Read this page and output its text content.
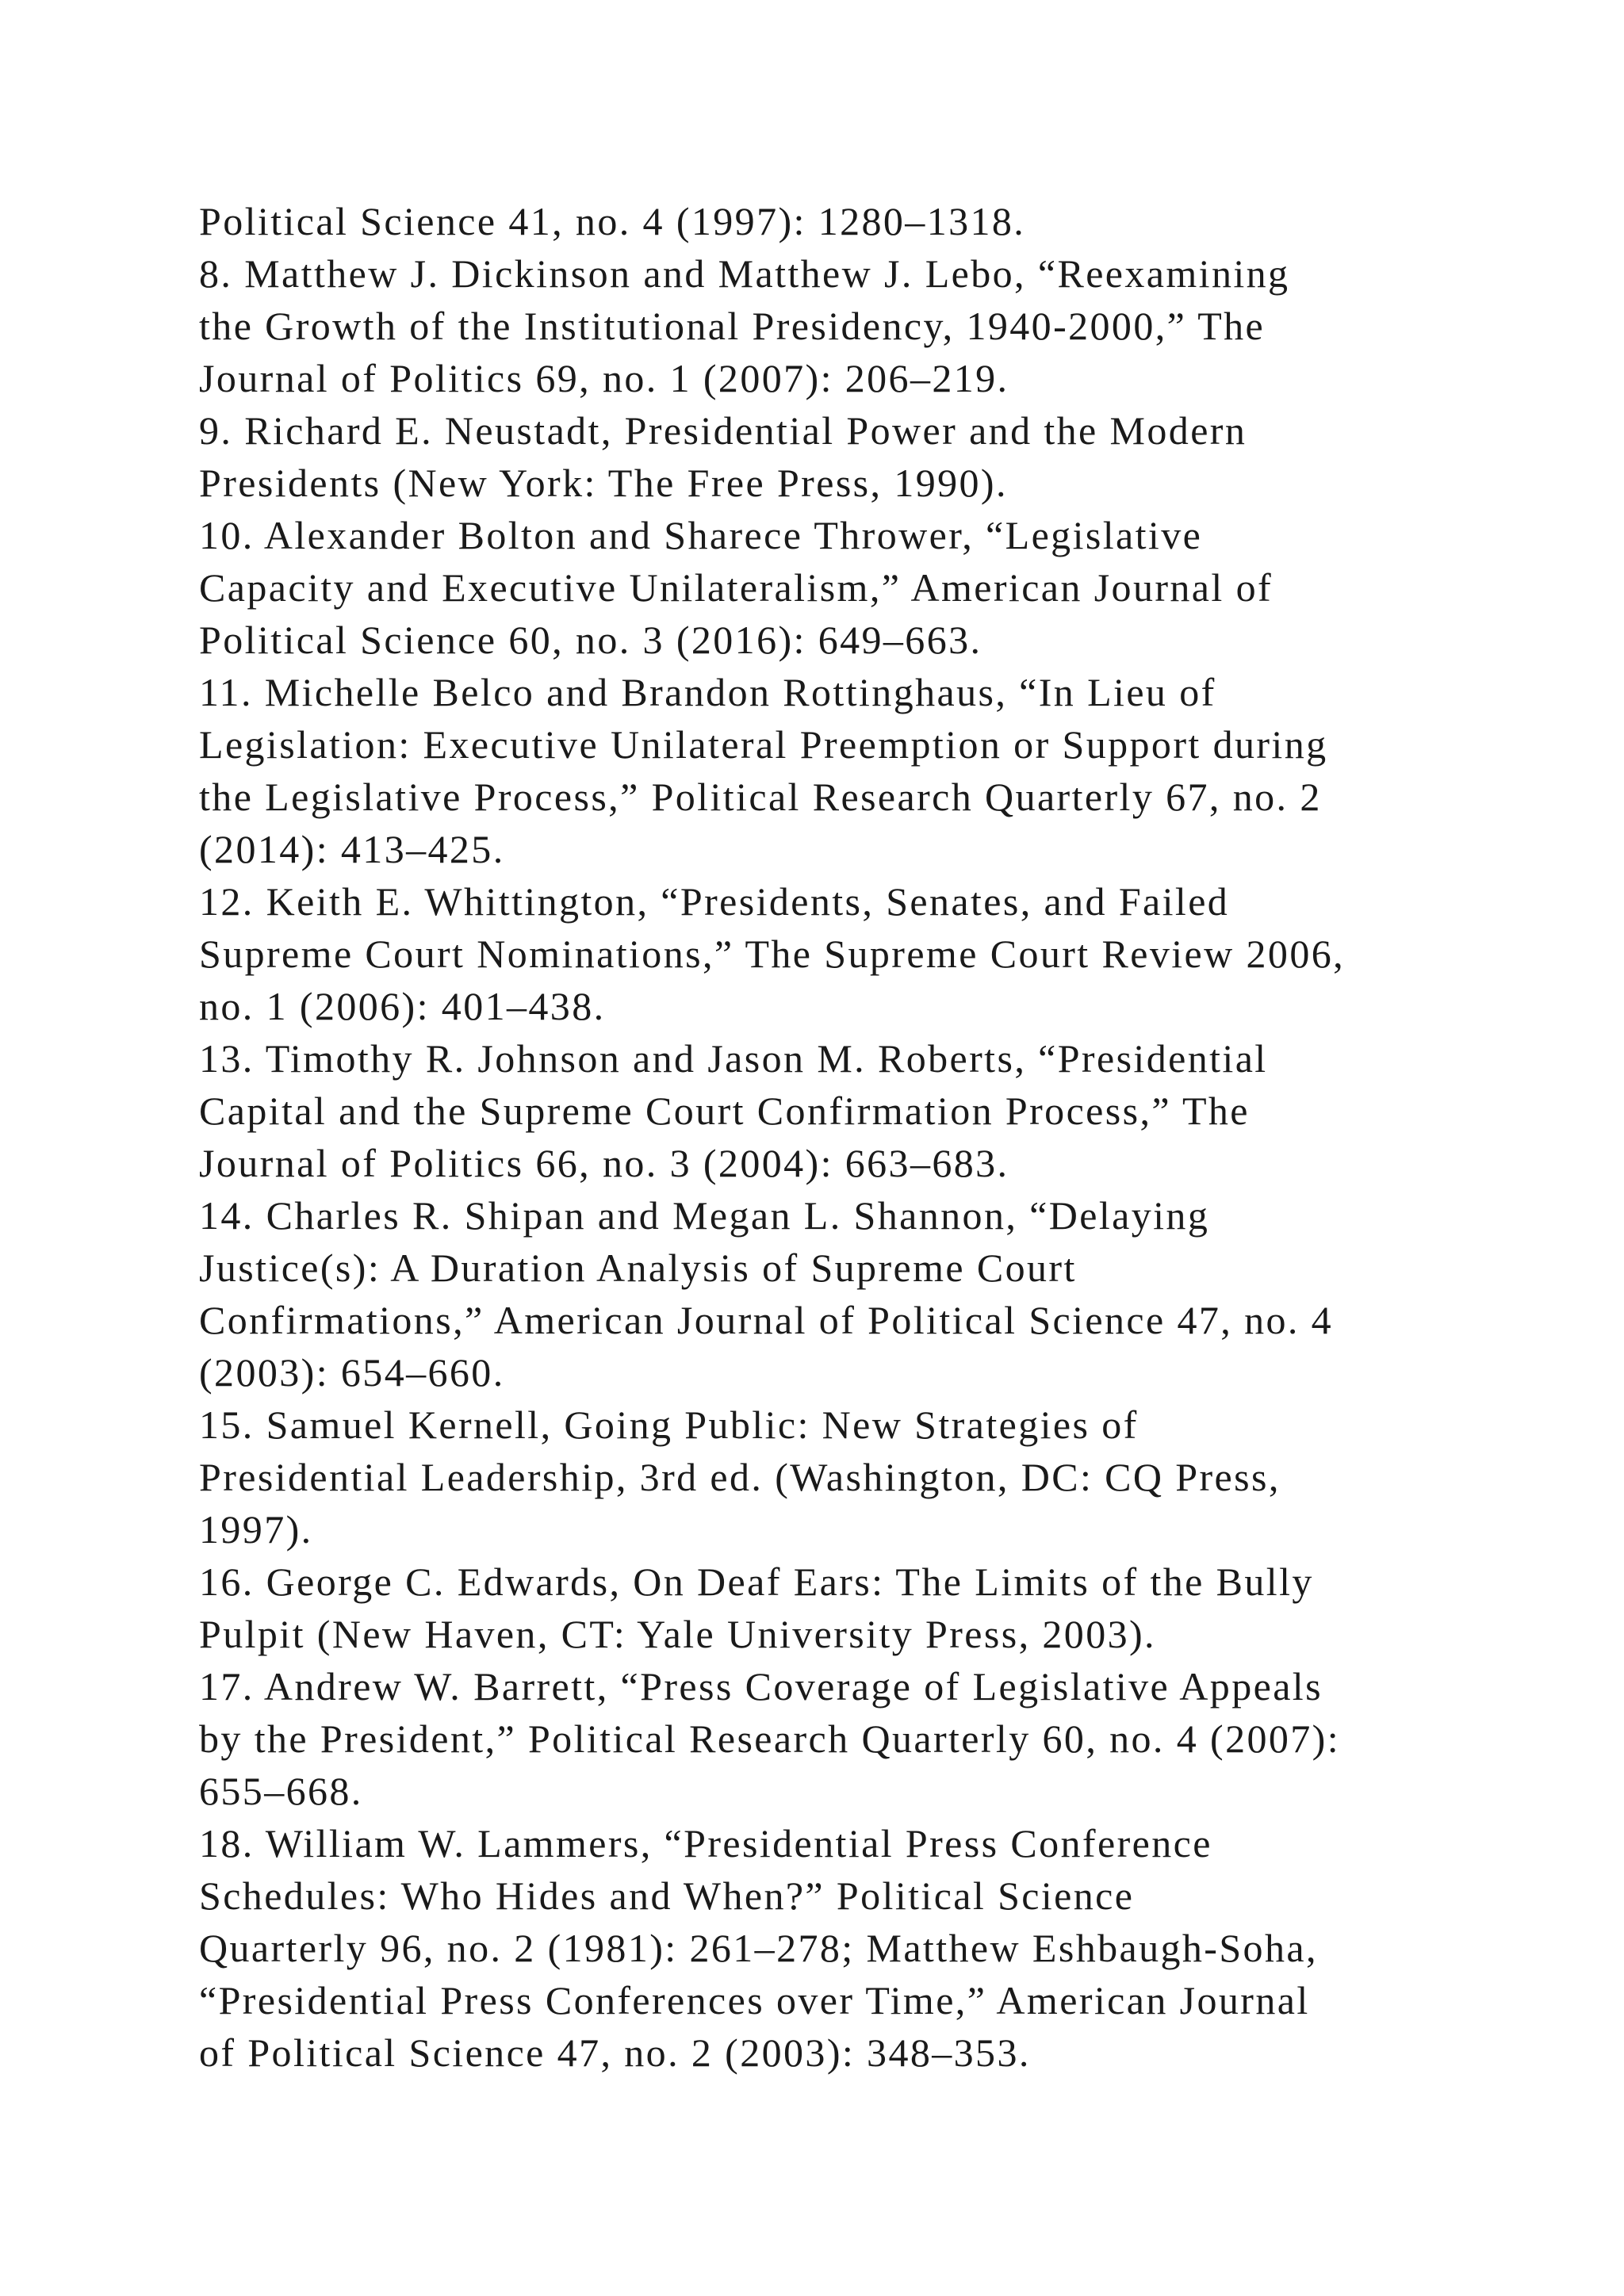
Political Science 41, no. 4 (1997): 1280–1318.
8. Matthew J. Dickinson and Matthew J. Lebo, “Reexamining
the Growth of the Institutional Presidency, 1940-2000,” The
Journal of Politics 69, no. 1 (2007): 206–219.
9. Richard E. Neustadt, Presidential Power and the Modern
Presidents (New York: The Free Press, 1990).
10. Alexander Bolton and Sharece Thrower, “Legislative
Capacity and Executive Unilateralism,” American Journal of
Political Science 60, no. 3 (2016): 649–663.
11. Michelle Belco and Brandon Rottinghaus, “In Lieu of
Legislation: Executive Unilateral Preemption or Support during
the Legislative Process,” Political Research Quarterly 67, no. 2
(2014): 413–425.
12. Keith E. Whittington, “Presidents, Senates, and Failed
Supreme Court Nominations,” The Supreme Court Review 2006,
no. 1 (2006): 401–438.
13. Timothy R. Johnson and Jason M. Roberts, “Presidential
Capital and the Supreme Court Confirmation Process,” The
Journal of Politics 66, no. 3 (2004): 663–683.
14. Charles R. Shipan and Megan L. Shannon, “Delaying
Justice(s): A Duration Analysis of Supreme Court
Confirmations,” American Journal of Political Science 47, no. 4
(2003): 654–660.
15. Samuel Kernell, Going Public: New Strategies of
Presidential Leadership, 3rd ed. (Washington, DC: CQ Press,
1997).
16. George C. Edwards, On Deaf Ears: The Limits of the Bully
Pulpit (New Haven, CT: Yale University Press, 2003).
17. Andrew W. Barrett, “Press Coverage of Legislative Appeals
by the President,” Political Research Quarterly 60, no. 4 (2007):
655–668.
18. William W. Lammers, “Presidential Press Conference
Schedules: Who Hides and When?” Political Science
Quarterly 96, no. 2 (1981): 261–278; Matthew Eshbaugh-Soha,
“Presidential Press Conferences over Time,” American Journal
of Political Science 47, no. 2 (2003): 348–353.
